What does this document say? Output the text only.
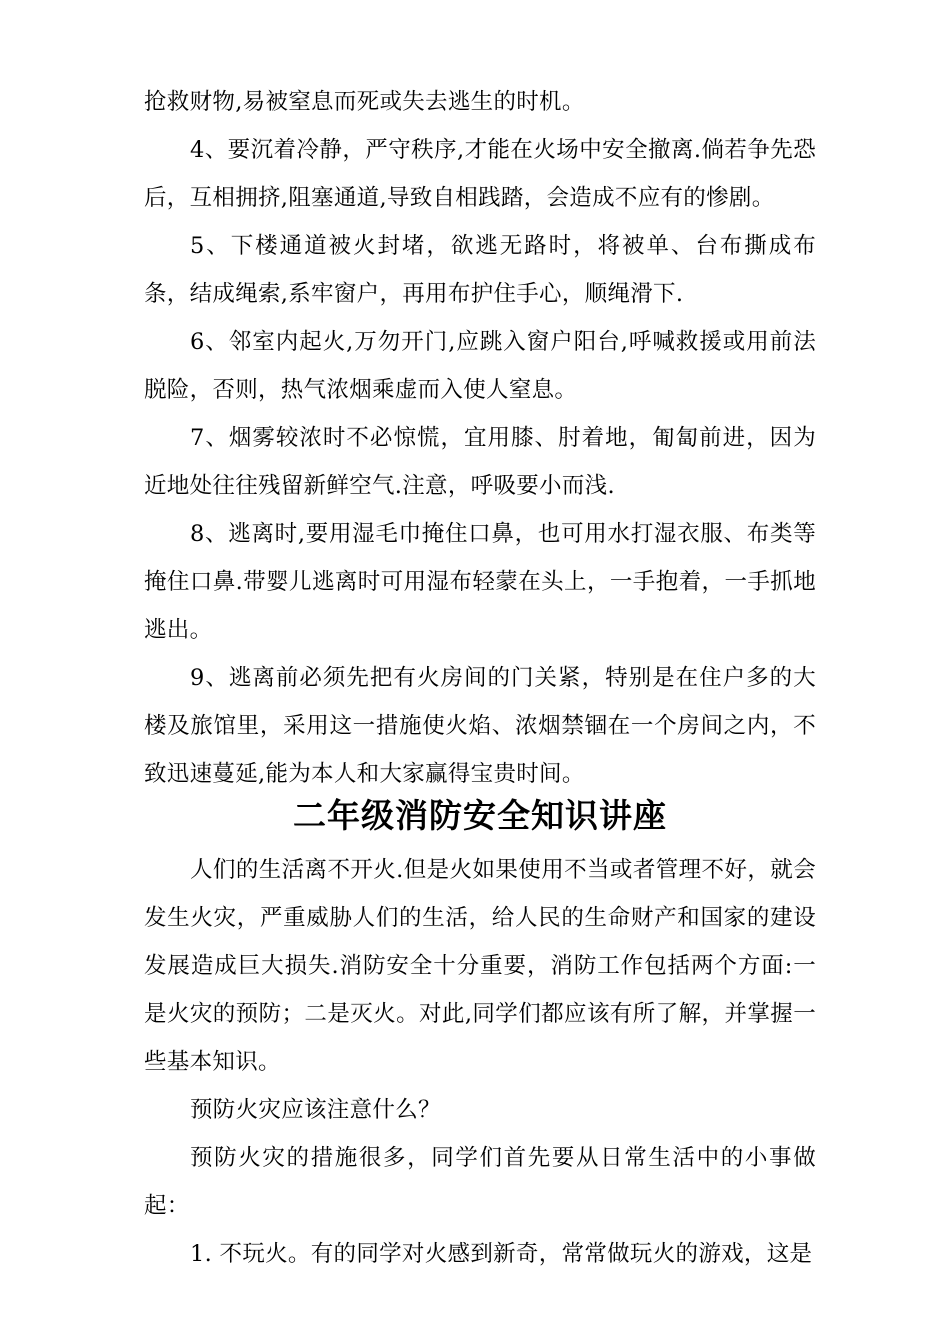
抢救财物,易被窒息而死或失去逃生的时机。

4、要沉着冷静，严守秩序,才能在火场中安全撤离.倘若争先恐后，互相拥挤,阻塞通道,导致自相践踏，会造成不应有的惨剧。

5、下楼通道被火封堵，欲逃无路时，将被单、台布撕成布条，结成绳索,系牢窗户，再用布护住手心，顺绳滑下.

6、邻室内起火,万勿开门,应跳入窗户阳台,呼喊救援或用前法脱险，否则，热气浓烟乘虚而入使人窒息。

7、烟雾较浓时不必惊慌，宜用膝、肘着地，匍匐前进，因为近地处往往残留新鲜空气.注意，呼吸要小而浅.

8、逃离时,要用湿毛巾掩住口鼻，也可用水打湿衣服、布类等掩住口鼻.带婴儿逃离时可用湿布轻蒙在头上，一手抱着，一手抓地逃出。

9、逃离前必须先把有火房间的门关紧，特别是在住户多的大楼及旅馆里，采用这一措施使火焰、浓烟禁锢在一个房间之内，不致迅速蔓延,能为本人和大家赢得宝贵时间。

二年级消防安全知识讲座

人们的生活离不开火.但是火如果使用不当或者管理不好，就会发生火灾，严重威胁人们的生活，给人民的生命财产和国家的建设发展造成巨大损失.消防安全十分重要，消防工作包括两个方面:一是火灾的预防；二是灭火。对此,同学们都应该有所了解，并掌握一些基本知识。

预防火灾应该注意什么？

预防火灾的措施很多，同学们首先要从日常生活中的小事做起：

1. 不玩火。有的同学对火感到新奇，常常做玩火的游戏，这是
